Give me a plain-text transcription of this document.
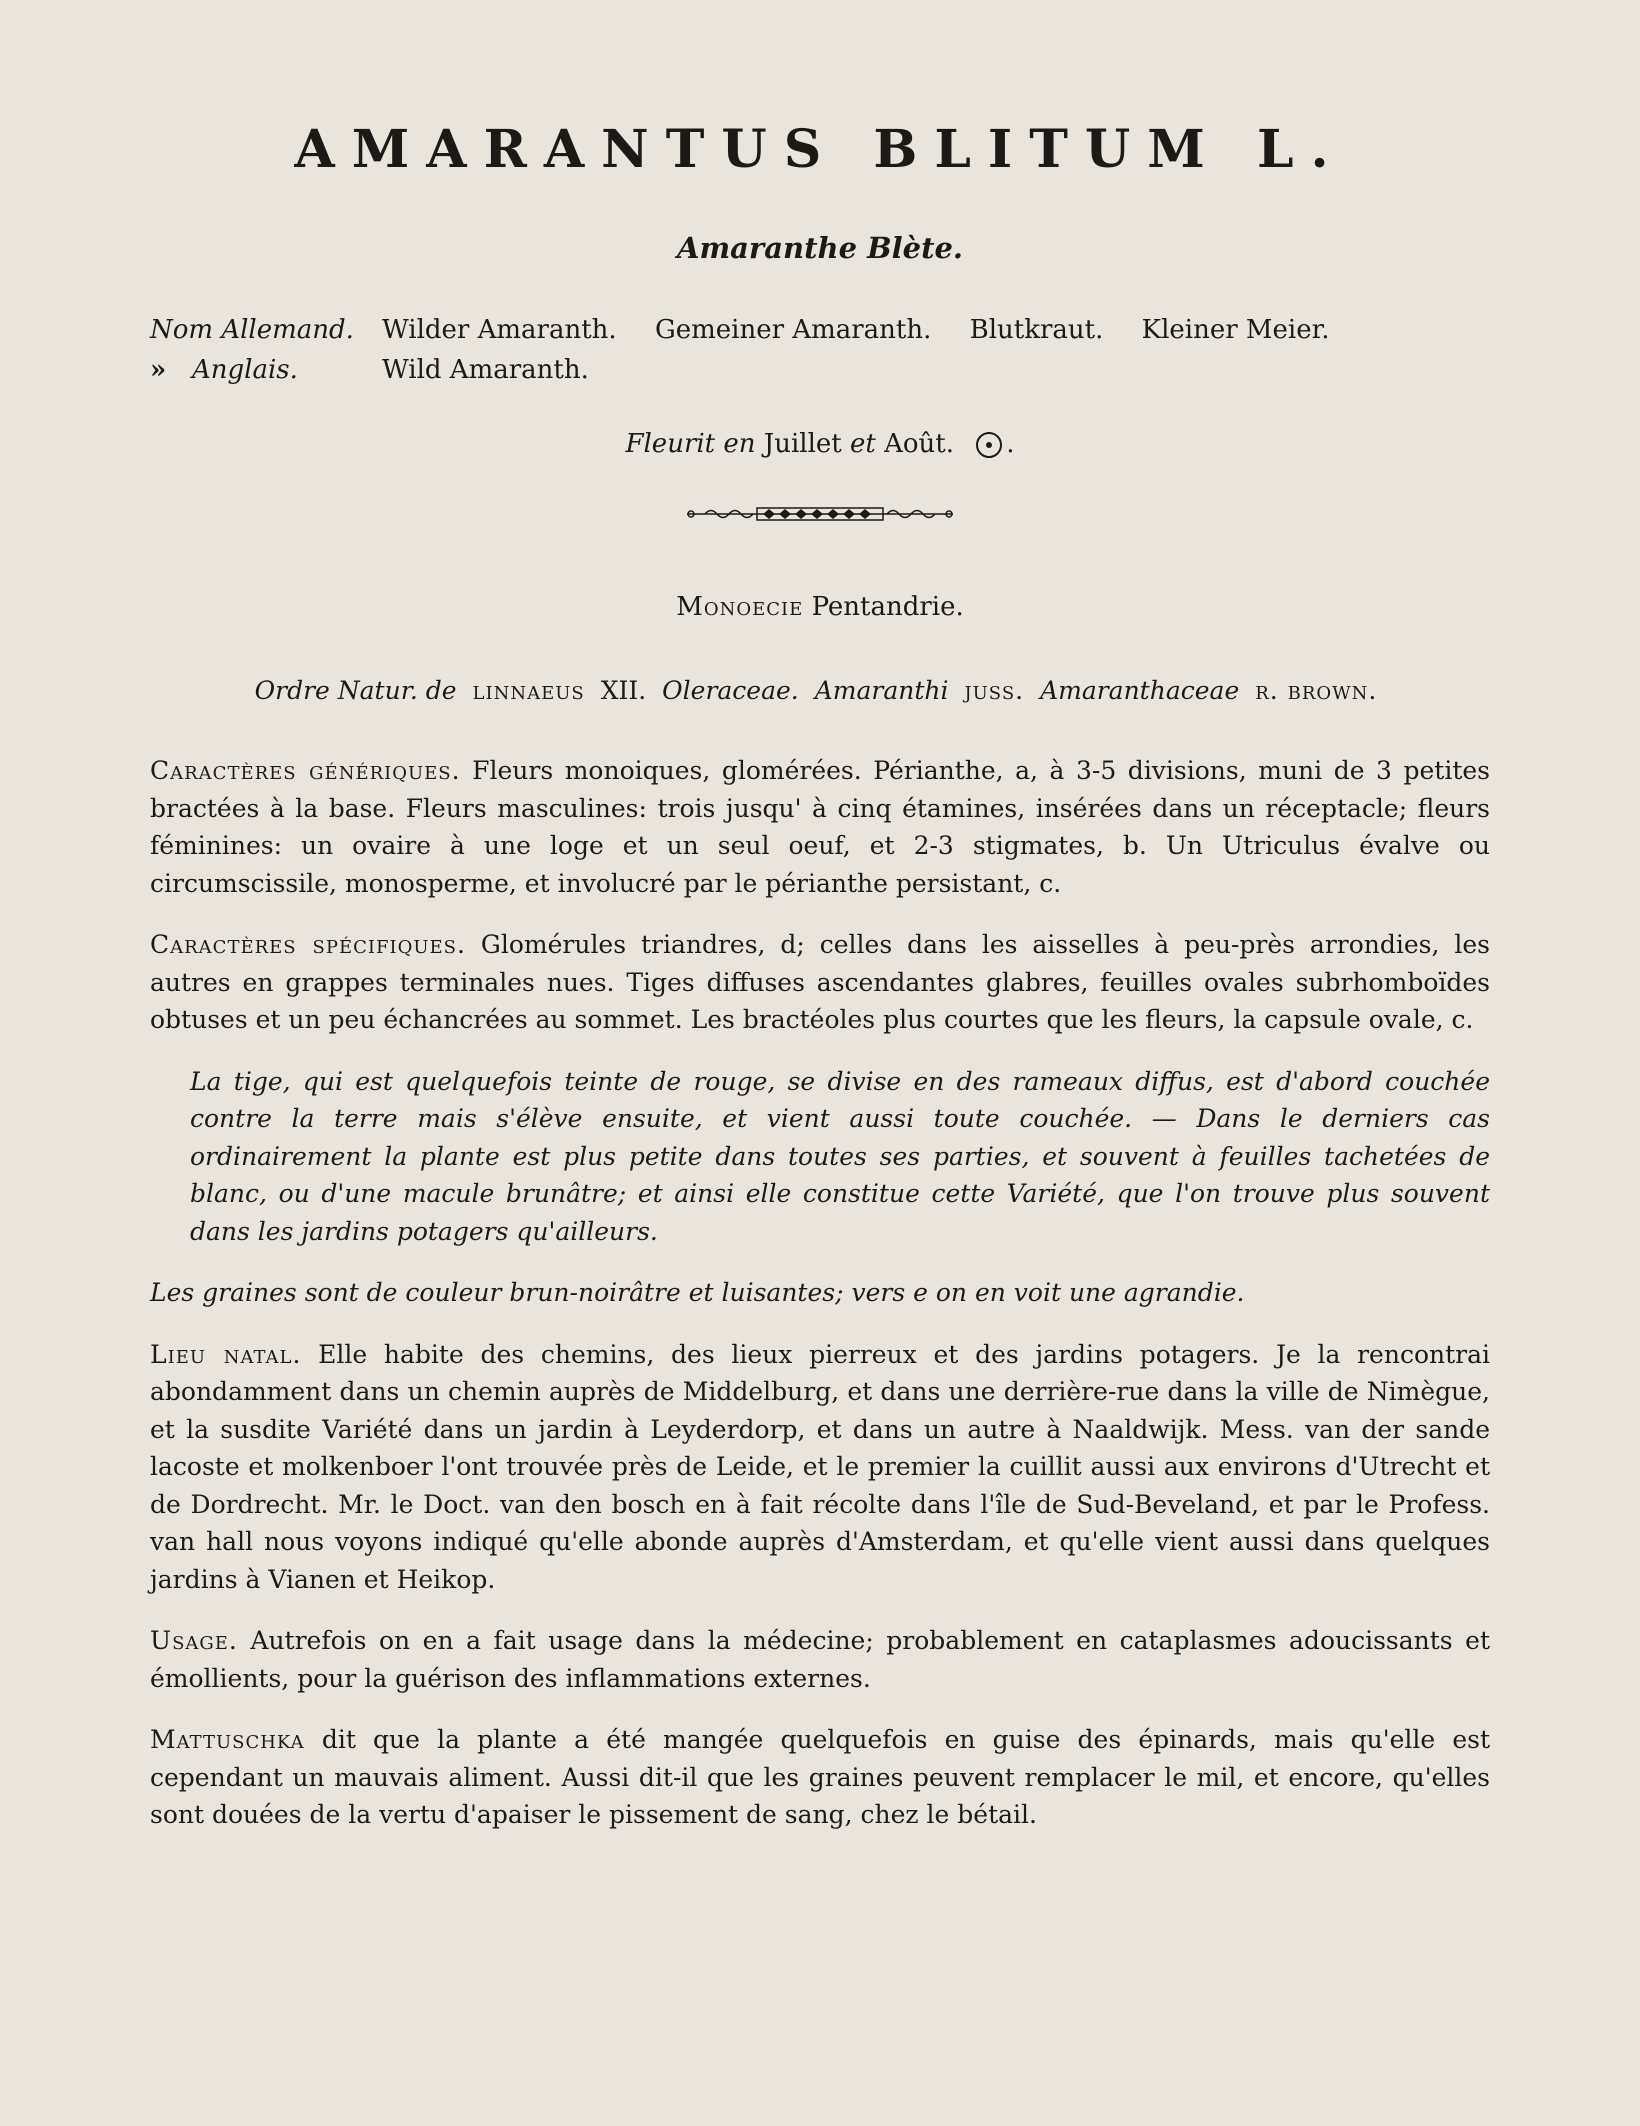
AMARANTUS BLITUM L.
Amaranthe Blète.
Nom Allemand.	Wilder Amaranth. Gemeiner Amaranth. Blutkraut. Kleiner Meier.
» Anglais.	Wild Amaranth.
Fleurit en Juillet et Août. .
Monoecie Pentandrie.
Ordre Natur. de linnaeus XII. Oleraceae. Amaranthi juss. Amaranthaceae r. brown.

Caractères génériques. Fleurs monoiques, glomérées. Périanthe, a, à 3-5 divisions, muni de 3 petites bractées à la base. Fleurs masculines: trois jusqu' à cinq étamines, insérées dans un réceptacle; fleurs féminines: un ovaire à une loge et un seul oeuf, et 2-3 stigmates, b. Un Utriculus évalve ou circumscissile, monosperme, et involucré par le périanthe persistant, c.

Caractères spécifiques. Glomérules triandres, d; celles dans les aisselles à peu-près arrondies, les autres en grappes terminales nues. Tiges diffuses ascendantes glabres, feuilles ovales subrhomboïdes obtuses et un peu échancrées au sommet. Les bractéoles plus courtes que les fleurs, la capsule ovale, c.

La tige, qui est quelquefois teinte de rouge, se divise en des rameaux diffus, est d'abord couchée contre la terre mais s'élève ensuite, et vient aussi toute couchée. — Dans le derniers cas ordinairement la plante est plus petite dans toutes ses parties, et souvent à feuilles tachetées de blanc, ou d'une macule brunâtre; et ainsi elle constitue cette Variété, que l'on trouve plus souvent dans les jardins potagers qu'ailleurs.

Les graines sont de couleur brun-noirâtre et luisantes; vers e on en voit une agrandie.

Lieu natal. Elle habite des chemins, des lieux pierreux et des jardins potagers. Je la rencontrai abondamment dans un chemin auprès de Middelburg, et dans une derrière-rue dans la ville de Nimègue, et la susdite Variété dans un jardin à Leyderdorp, et dans un autre à Naaldwijk. Mess. van der sande lacoste et molkenboer l'ont trouvée près de Leide, et le premier la cuillit aussi aux environs d'Utrecht et de Dordrecht. Mr. le Doct. van den bosch en à fait récolte dans l'île de Sud-Beveland, et par le Profess. van hall nous voyons indiqué qu'elle abonde auprès d'Amsterdam, et qu'elle vient aussi dans quelques jardins à Vianen et Heikop.

Usage. Autrefois on en a fait usage dans la médecine; probablement en cataplasmes adoucissants et émollients, pour la guérison des inflammations externes.

Mattuschka dit que la plante a été mangée quelquefois en guise des épinards, mais qu'elle est cependant un mauvais aliment. Aussi dit-il que les graines peuvent remplacer le mil, et encore, qu'elles sont douées de la vertu d'apaiser le pissement de sang, chez le bétail.
